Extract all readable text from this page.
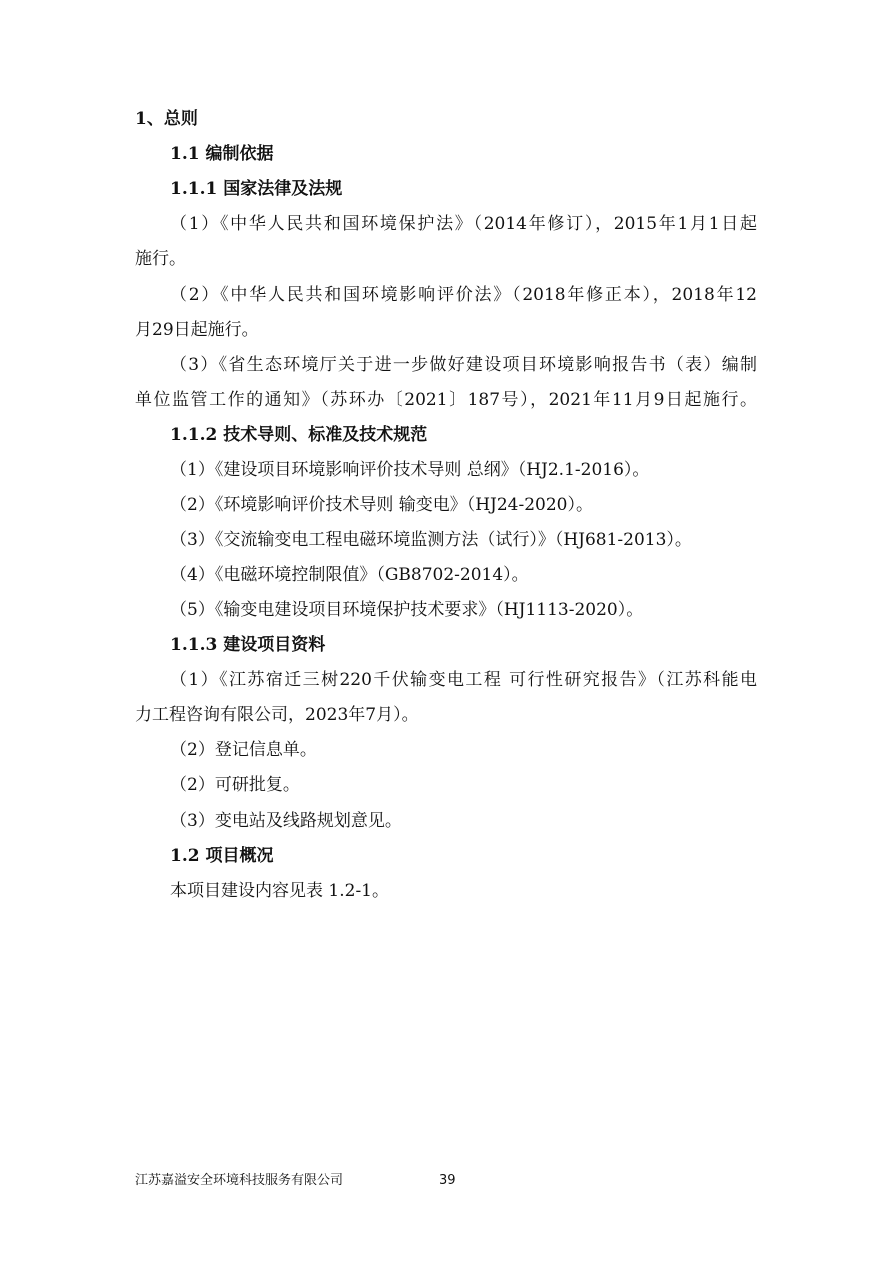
1、总则
1.1 编制依据
1.1.1 国家法律及法规
（1）《中华人民共和国环境保护法》（2014年修订），2015年1月1日起
施行。
（2）《中华人民共和国环境影响评价法》（2018年修正本），2018年12
月29日起施行。
（3）《省生态环境厅关于进一步做好建设项目环境影响报告书（表）编制
单位监管工作的通知》（苏环办〔2021〕187号），2021年11月9日起施行。
1.1.2 技术导则、标准及技术规范
（1）《建设项目环境影响评价技术导则 总纲》（HJ2.1-2016）。
（2）《环境影响评价技术导则 输变电》（HJ24-2020）。
（3）《交流输变电工程电磁环境监测方法（试行）》（HJ681-2013）。
（4）《电磁环境控制限值》（GB8702-2014）。
（5）《输变电建设项目环境保护技术要求》（HJ1113-2020）。
1.1.3 建设项目资料
（1）《江苏宿迁三树220千伏输变电工程 可行性研究报告》（江苏科能电
力工程咨询有限公司，2023年7月）。
（2）登记信息单。
（2）可研批复。
（3）变电站及线路规划意见。
1.2 项目概况
本项目建设内容见表 1.2-1。
江苏嘉溢安全环境科技服务有限公司	39
